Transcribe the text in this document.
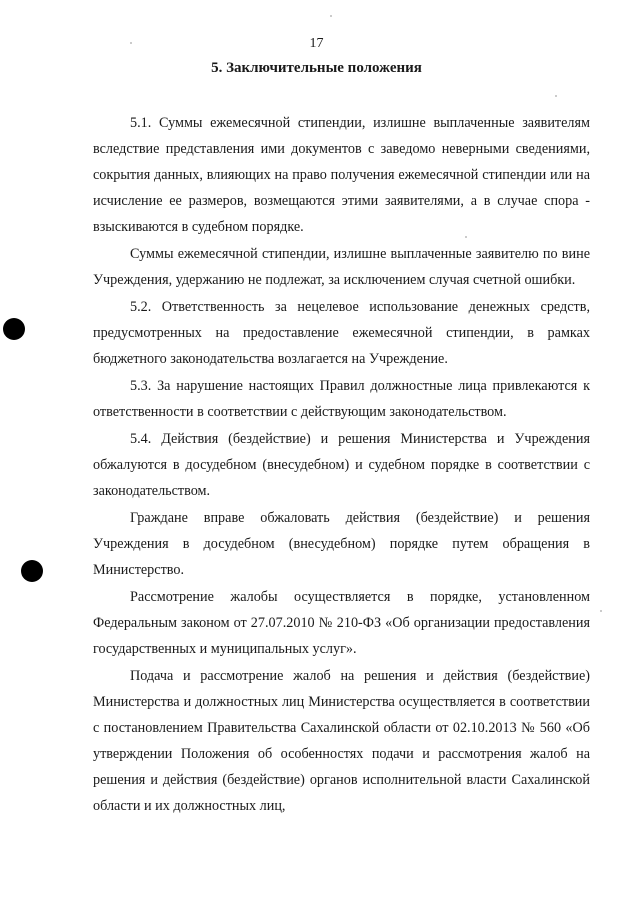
17
5. Заключительные положения

5.1. Суммы ежемесячной стипендии, излишне выплаченные заявителям вследствие представления ими документов с заведомо неверными сведениями, сокрытия данных, влияющих на право получения ежемесячной стипендии или на исчисление ее размеров, возмещаются этими заявителями, а в случае спора - взыскиваются в судебном порядке.

Суммы ежемесячной стипендии, излишне выплаченные заявителю по вине Учреждения, удержанию не подлежат, за исключением случая счетной ошибки.

5.2. Ответственность за нецелевое использование денежных средств, предусмотренных на предоставление ежемесячной стипендии, в рамках бюджетного законодательства возлагается на Учреждение.

5.3. За нарушение настоящих Правил должностные лица привлекаются к ответственности в соответствии с действующим законодательством.

5.4. Действия (бездействие) и решения Министерства и Учреждения обжалуются в досудебном (внесудебном) и судебном порядке в соответствии с законодательством.

Граждане вправе обжаловать действия (бездействие) и решения Учреждения в досудебном (внесудебном) порядке путем обращения в Министерство.

Рассмотрение жалобы осуществляется в порядке, установленном Федеральным законом от 27.07.2010 № 210-ФЗ «Об организации предоставления государственных и муниципальных услуг».

Подача и рассмотрение жалоб на решения и действия (бездействие) Министерства и должностных лиц Министерства осуществляется в соответствии с постановлением Правительства Сахалинской области от 02.10.2013 № 560 «Об утверждении Положения об особенностях подачи и рассмотрения жалоб на решения и действия (бездействие) органов исполнительной власти Сахалинской области и их должностных лиц,
